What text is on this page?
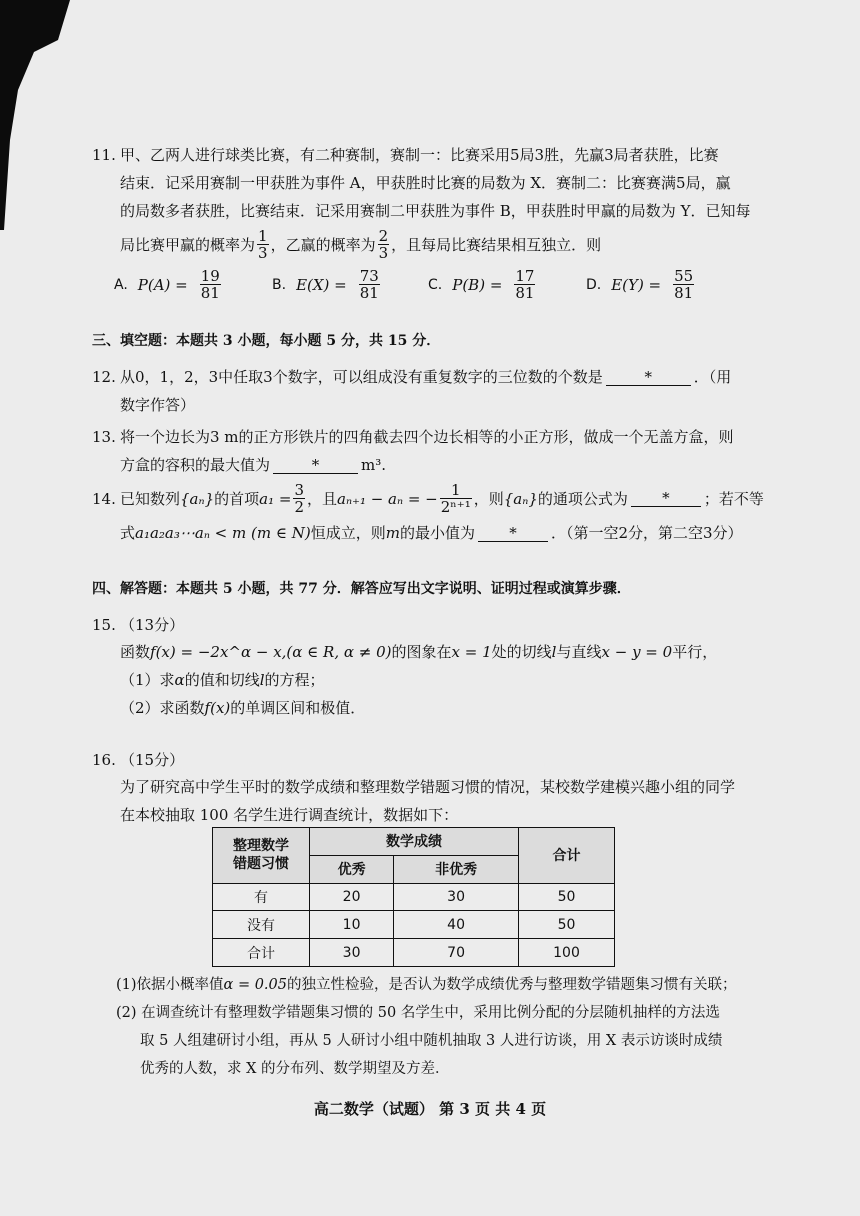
11. 甲、乙两人进行球类比赛，有二种赛制，赛制一：比赛采用5局3胜，先赢3局者获胜，比赛
结束．记采用赛制一甲获胜为事件 A，甲获胜时比赛的局数为 X．赛制二：比赛赛满5局，赢
的局数多者获胜，比赛结束．记采用赛制二甲获胜为事件 B，甲获胜时甲赢的局数为 Y．已知每
局比赛甲赢的概率为 $\frac{1}{3}$ ，乙赢的概率为 $\frac{2}{3}$ ，且每局比赛结果相互独立．则
A. $P(A) = \frac{19}{81}$	B. $E(X) = \frac{73}{81}$	C. $P(B) = \frac{17}{81}$	D. $E(Y) = \frac{55}{81}$
三、填空题：本题共 3 小题，每小题 5 分，共 15 分．
12. 从0，1，2，3中任取3个数字，可以组成没有重复数字的三位数的个数是	*	．（用
数字作答）
13. 将一个边长为3 m的正方形铁片的四角截去四个边长相等的小正方形，做成一个无盖方盒，则
方盒的容积的最大值为	*	m³.
14. 已知数列 {aₙ} 的首项 $a_1 = \frac{3}{2}$ ，且 aₙ₊₁ − aₙ = − $\frac{1}{\text{2ⁿ⁺¹}}$ ，则 {aₙ} 的通项公式为	*	；若不等
式a₁a₂a₃⋯aₙ < m (m ∈ N)恒成立，则m的最小值为 * ．（第一空2分，第二空3分）
四、解答题：本题共 5 小题，共 77 分．解答应写出文字说明、证明过程或演算步骤．
15. （13分）
函数f(x) = −2x^α − x,(α ∈ R, α ≠ 0)的图象在x = 1处的切线l与直线x − y = 0平行，
（1）求α的值和切线l的方程；
（2）求函数f(x)的单调区间和极值．
16. （15分）
为了研究高中学生平时的数学成绩和整理数学错题习惯的情况，某校数学建模兴趣小组的同学
在本校抽取 100 名学生进行调查统计，数据如下：
整理数学
错题习惯	数学成绩		合计
	优秀	非优秀	
有	20	30	50
没有	10	40	50
合计	30	70	100
(1)依据小概率值α = 0.05的独立性检验，是否认为数学成绩优秀与整理数学错题集习惯有关联；
(2) 在调查统计有整理数学错题集习惯的 50 名学生中，采用比例分配的分层随机抽样的方法选
取 5 人组建研讨小组，再从 5 人研讨小组中随机抽取 3 人进行访谈，用 X 表示访谈时成绩
优秀的人数，求 X 的分布列、数学期望及方差．
高二数学（试题） 第 3 页 共 4 页
